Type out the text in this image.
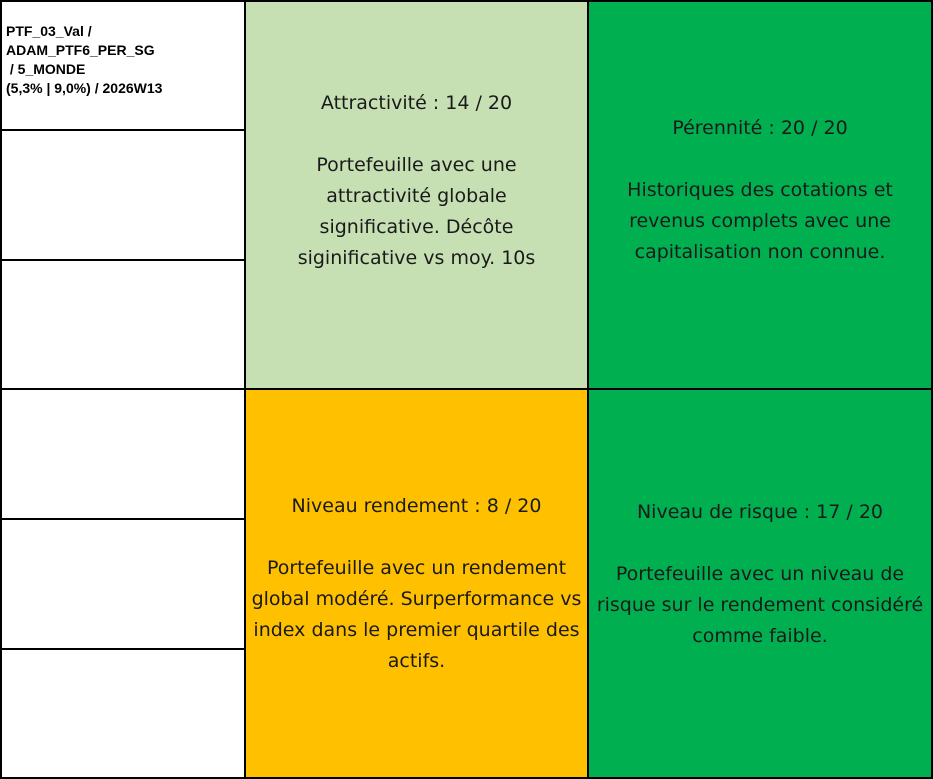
PTF_03_Val /
ADAM_PTF6_PER_SG
/ 5_MONDE
(5,3% | 9,0%) / 2026W13

Attractivité : 14 / 20

Portefeuille avec une attractivité globale significative. Décôte siginificative vs moy. 10s

Pérennité : 20 / 20

Historiques des cotations et revenus complets avec une capitalisation non connue.

Niveau rendement : 8 / 20

Portefeuille avec un rendement global modéré. Surperformance vs index dans le premier quartile des actifs.

Niveau de risque : 17 / 20

Portefeuille avec un niveau de risque sur le rendement considéré comme faible.
